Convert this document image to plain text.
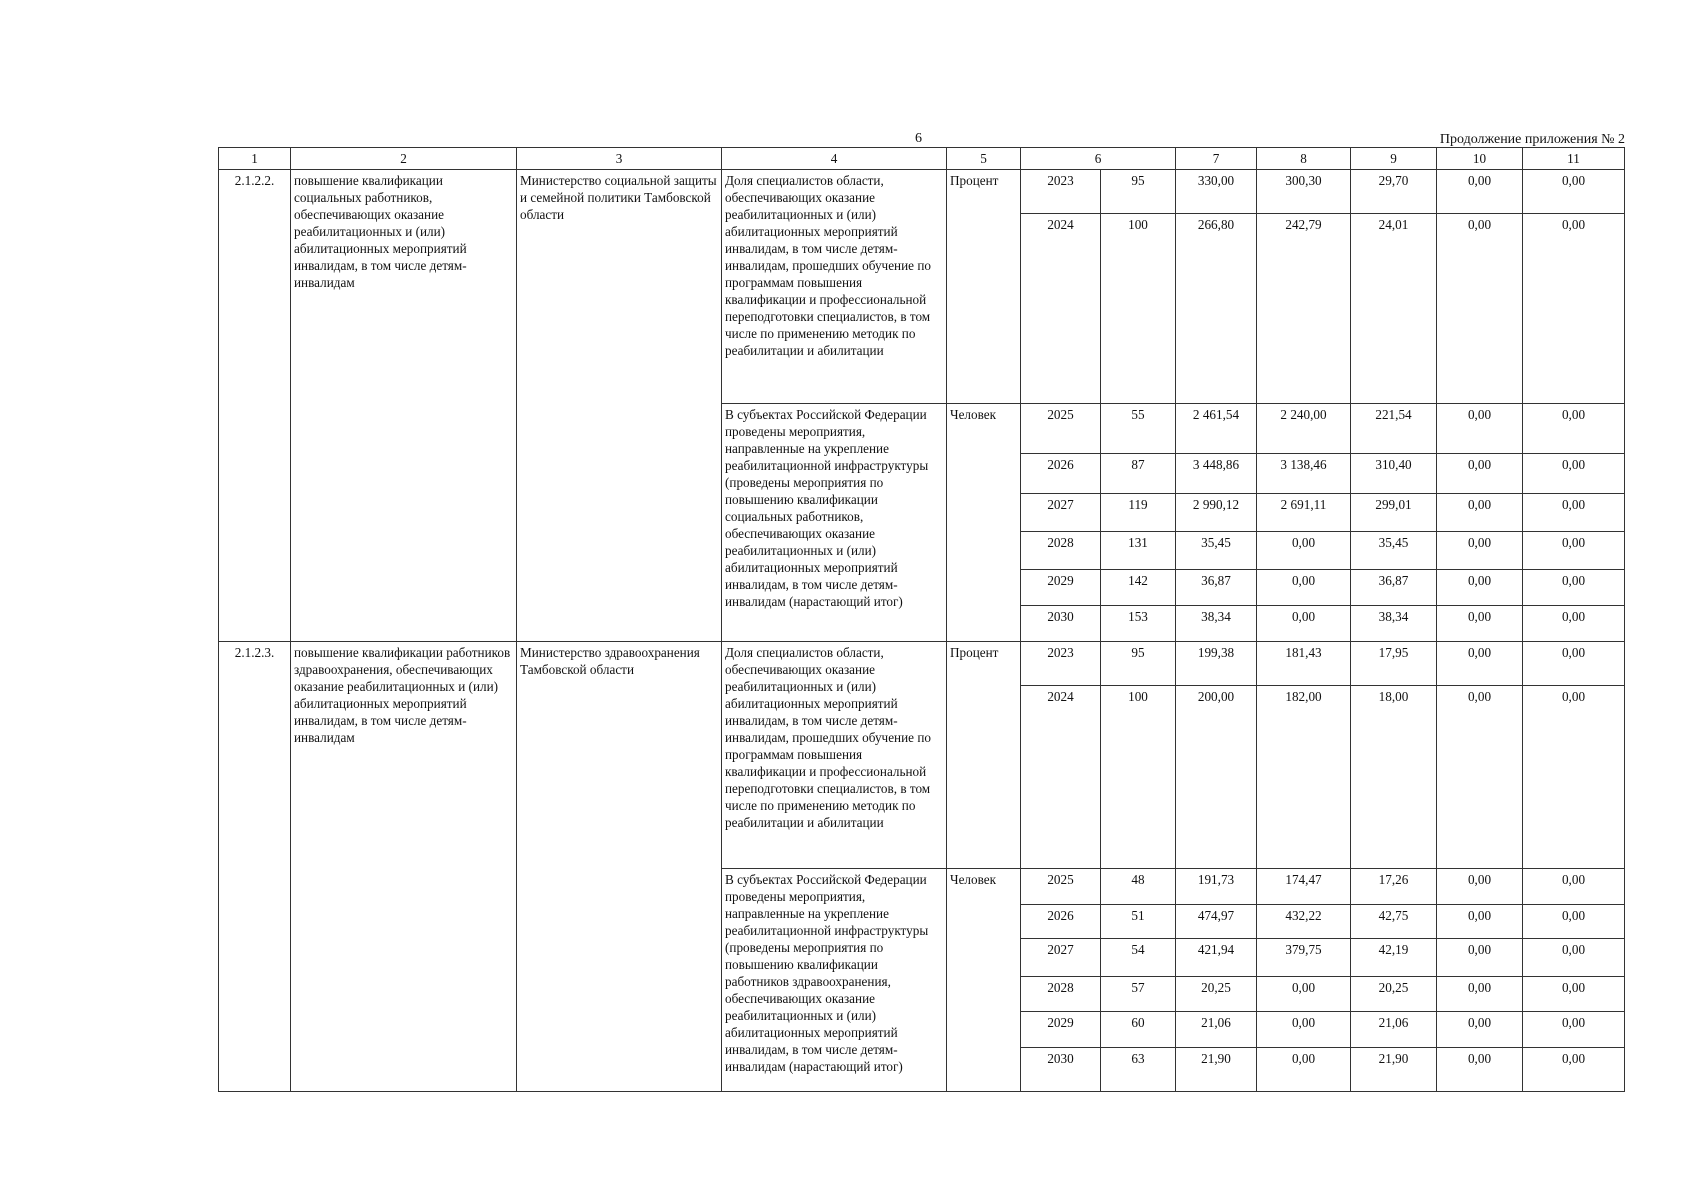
6	Продолжение приложения № 2
1	2	3	4	5	6		7	8	9	10	11
2.1.2.2.	повышение квалификации социальных работников, обеспечивающих оказание реабилитационных и (или) абилитационных мероприятий инвалидам, в том числе детям-инвалидам	Министерство социальной защиты и семейной политики Тамбовской области	Доля специалистов области, обеспечивающих оказание реабилитационных и (или) абилитационных мероприятий инвалидам, в том числе детям-инвалидам, прошедших обучение по программам повышения квалификации и профессиональной переподготовки специалистов, в том числе по применению методик по реабилитации и абилитации	Процент	2023	95	330,00	300,30	29,70	0,00	0,00
					2024	100	266,80	242,79	24,01	0,00	0,00
			В субъектах Российской Федерации проведены мероприятия, направленные на укрепление реабилитационной инфраструктуры (проведены мероприятия по повышению квалификации социальных работников, обеспечивающих оказание реабилитационных и (или) абилитационных мероприятий инвалидам, в том числе детям-инвалидам (нарастающий итог)	Человек	2025	55	2 461,54	2 240,00	221,54	0,00	0,00
					2026	87	3 448,86	3 138,46	310,40	0,00	0,00
					2027	119	2 990,12	2 691,11	299,01	0,00	0,00
					2028	131	35,45	0,00	35,45	0,00	0,00
					2029	142	36,87	0,00	36,87	0,00	0,00
					2030	153	38,34	0,00	38,34	0,00	0,00
2.1.2.3.	повышение квалификации работников здравоохранения, обеспечивающих оказание реабилитационных и (или) абилитационных мероприятий инвалидам, в том числе детям-инвалидам	Министерство здравоохранения Тамбовской области	Доля специалистов области, обеспечивающих оказание реабилитационных и (или) абилитационных мероприятий инвалидам, в том числе детям-инвалидам, прошедших обучение по программам повышения квалификации и профессиональной переподготовки специалистов, в том числе по применению методик по реабилитации и абилитации	Процент	2023	95	199,38	181,43	17,95	0,00	0,00
					2024	100	200,00	182,00	18,00	0,00	0,00
			В субъектах Российской Федерации проведены мероприятия, направленные на укрепление реабилитационной инфраструктуры (проведены мероприятия по повышению квалификации работников здравоохранения, обеспечивающих оказание реабилитационных и (или) абилитационных мероприятий инвалидам, в том числе детям-инвалидам (нарастающий итог)	Человек	2025	48	191,73	174,47	17,26	0,00	0,00
					2026	51	474,97	432,22	42,75	0,00	0,00
					2027	54	421,94	379,75	42,19	0,00	0,00
					2028	57	20,25	0,00	20,25	0,00	0,00
					2029	60	21,06	0,00	21,06	0,00	0,00
					2030	63	21,90	0,00	21,90	0,00	0,00
